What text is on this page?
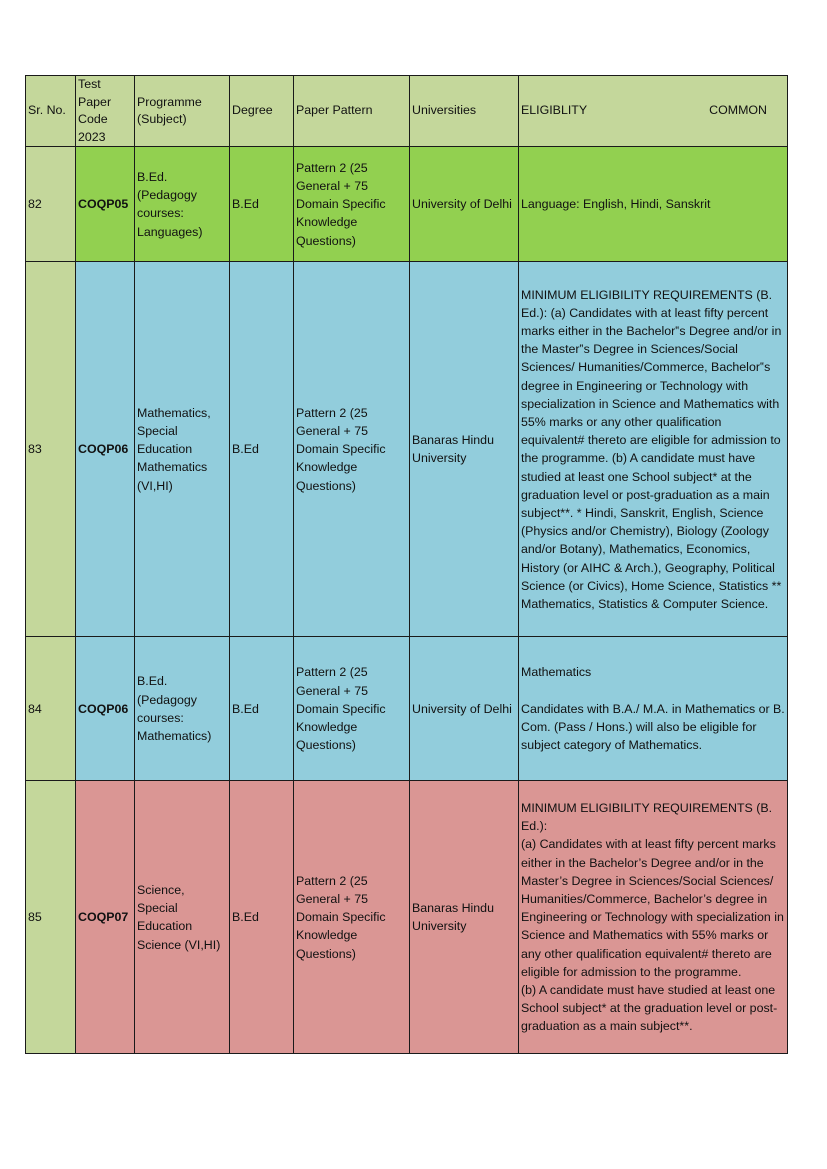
Sr. No.	Test Paper Code 2023	Programme (Subject)	Degree	Paper Pattern	Universities	ELIGIBLITY COMMON

82	COQP05	B.Ed. (Pedagogy courses: Languages)	B.Ed	Pattern 2 (25 General + 75 Domain Specific Knowledge Questions)	University of Delhi	Language: English, Hindi, Sanskrit
83	COQP06	Mathematics, Special Education Mathematics (VI,HI)	B.Ed	Pattern 2 (25 General + 75 Domain Specific Knowledge Questions)	Banaras Hindu University	MINIMUM ELIGIBILITY REQUIREMENTS (B. Ed.): (a) Candidates with at least fifty percent marks either in the Bachelor‟s Degree and/or in the Master‟s Degree in Sciences/Social Sciences/ Humanities/Commerce, Bachelor‟s degree in Engineering or Technology with specialization in Science and Mathematics with 55% marks or any other qualification equivalent# thereto are eligible for admission to the programme. (b) A candidate must have studied at least one School subject* at the graduation level or post-graduation as a main subject**. * Hindi, Sanskrit, English, Science (Physics and/or Chemistry), Biology (Zoology and/or Botany), Mathematics, Economics, History (or AIHC & Arch.), Geography, Political Science (or Civics), Home Science, Statistics ** Mathematics, Statistics & Computer Science.
84	COQP06	B.Ed. (Pedagogy courses: Mathematics)	B.Ed	Pattern 2 (25 General + 75 Domain Specific Knowledge Questions)	University of Delhi	Mathematics
Candidates with B.A./ M.A. in Mathematics or B. Com. (Pass / Hons.) will also be eligible for subject category of Mathematics.
85	COQP07	Science, Special Education Science (VI,HI)	B.Ed	Pattern 2 (25 General + 75 Domain Specific Knowledge Questions)	Banaras Hindu University	MINIMUM ELIGIBILITY REQUIREMENTS (B. Ed.):
(a) Candidates with at least fifty percent marks either in the Bachelor’s Degree and/or in the Master’s Degree in Sciences/Social Sciences/ Humanities/Commerce, Bachelor’s degree in Engineering or Technology with specialization in Science and Mathematics with 55% marks or any other qualification equivalent# thereto are eligible for admission to the programme.
(b) A candidate must have studied at least one School subject* at the graduation level or post-graduation as a main subject**.
